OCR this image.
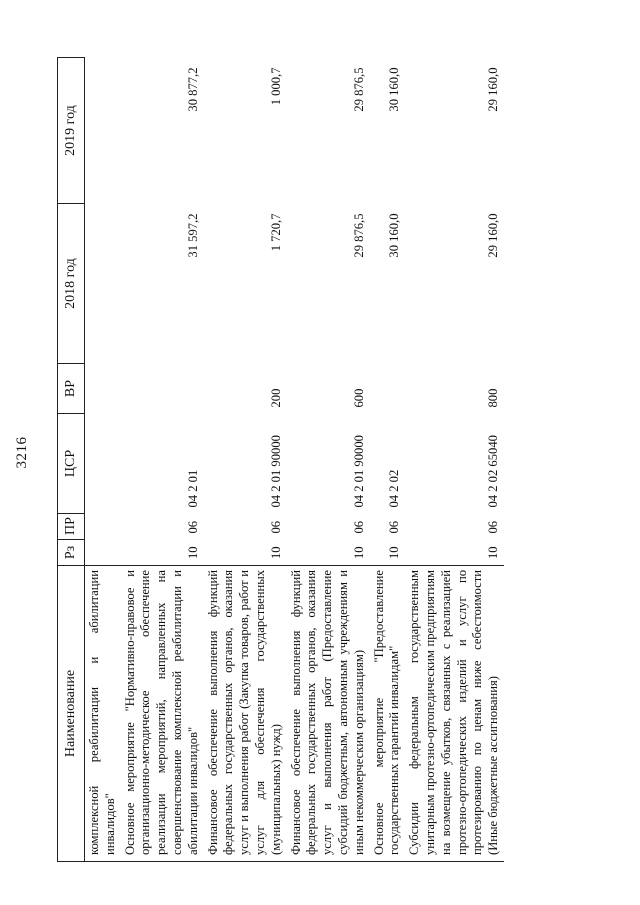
3216
Наименование	Рз	ПР	ЦСР	ВР	2018 год	2019 год
комплексной реабилитации и абилитации инвалидов"						
Основное мероприятие "Нормативно-правовое и организационно-методическое обеспечение реализации мероприятий, направленных на совершенствование комплексной реабилитации и абилитации инвалидов"	10	06	04 2 01		31 597,2	30 877,2
Финансовое обеспечение выполнения функций федеральных государственных органов, оказания услуг и выполнения работ (Закупка товаров, работ и услуг для обеспечения государственных (муниципальных) нужд)	10	06	04 2 01 90000	200	1 720,7	1 000,7
Финансовое обеспечение выполнения функций федеральных государственных органов, оказания услуг и выполнения работ (Предоставление субсидий бюджетным, автономным учреждениям и иным некоммерческим организациям)	10	06	04 2 01 90000	600	29 876,5	29 876,5
Основное мероприятие "Предоставление государственных гарантий инвалидам"	10	06	04 2 02		30 160,0	30 160,0
Субсидии федеральным государственным унитарным протезно-ортопедическим предприятиям на возмещение убытков, связанных с реализацией протезно-ортопедических изделий и услуг по протезированию по ценам ниже себестоимости (Иные бюджетные ассигнования)	10	06	04 2 02 65040	800	29 160,0	29 160,0
